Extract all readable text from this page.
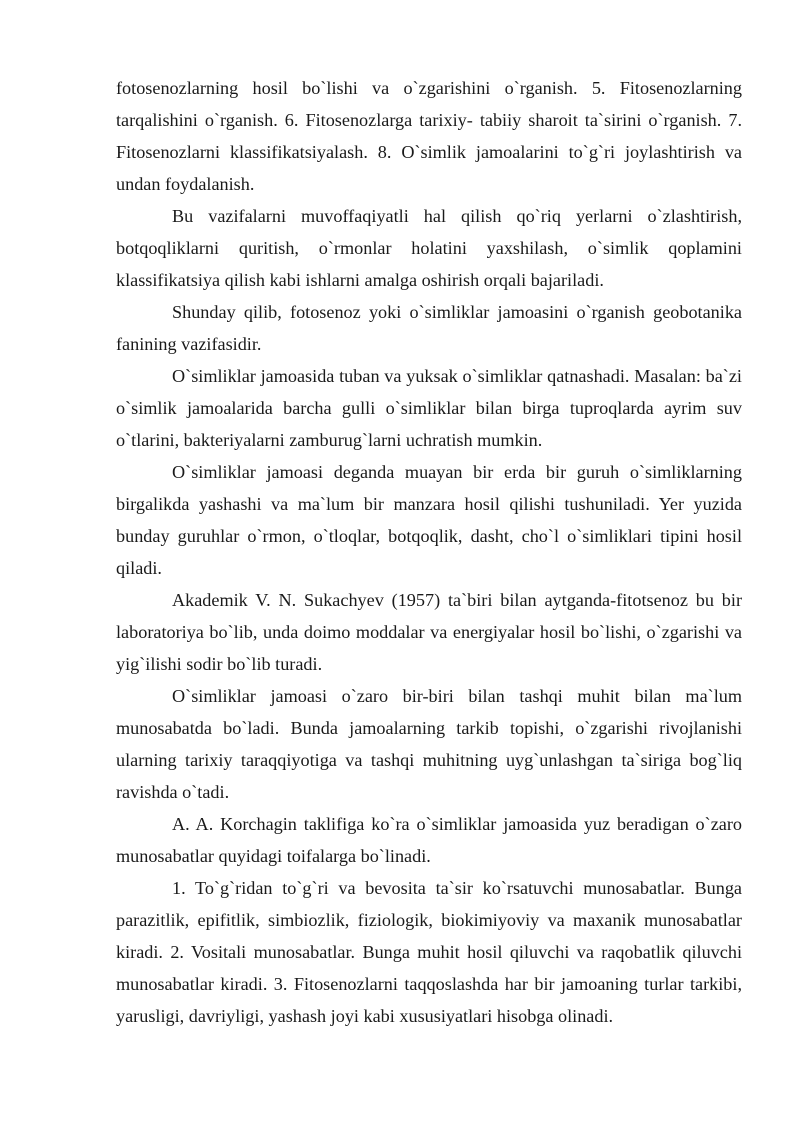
fotosenozlarning hosil bo`lishi va o`zgarishini o`rganish. 5. Fitosenozlarning tarqalishini o`rganish. 6. Fitosenozlarga tarixiy- tabiiy sharoit ta`sirini o`rganish. 7. Fitosenozlarni klassifikatsiyalash. 8. O`simlik jamoalarini to`g`ri joylashtirish va undan foydalanish.

Bu vazifalarni muvoffaqiyatli hal qilish qo`riq yerlarni o`zlashtirish, botqoqliklarni quritish, o`rmonlar holatini yaxshilash, o`simlik qoplamini klassifikatsiya qilish kabi ishlarni amalga oshirish orqali bajariladi.

Shunday qilib, fotosenoz yoki o`simliklar jamoasini o`rganish geobotanika fanining vazifasidir.

O`simliklar jamoasida tuban va yuksak o`simliklar qatnashadi. Masalan: ba`zi o`simlik jamoalarida barcha gulli o`simliklar bilan birga tuproqlarda ayrim suv o`tlarini, bakteriyalarni zamburug`larni uchratish mumkin.

O`simliklar jamoasi deganda muayan bir erda bir guruh o`simliklarning birgalikda yashashi va ma`lum bir manzara hosil qilishi tushuniladi. Yer yuzida bunday guruhlar o`rmon, o`tloqlar, botqoqlik, dasht, cho`l o`simliklari tipini hosil qiladi.

Akademik V. N. Sukachyev (1957) ta`biri bilan aytganda-fitotsenoz bu bir laboratoriya bo`lib, unda doimo moddalar va energiyalar hosil bo`lishi, o`zgarishi va yig`ilishi sodir bo`lib turadi.

O`simliklar jamoasi o`zaro bir-biri bilan tashqi muhit bilan ma`lum munosabatda bo`ladi. Bunda jamoalarning tarkib topishi, o`zgarishi rivojlanishi ularning tarixiy taraqqiyotiga va tashqi muhitning uyg`unlashgan ta`siriga bog`liq ravishda o`tadi.

A. A. Korchagin taklifiga ko`ra o`simliklar jamoasida yuz beradigan o`zaro munosabatlar quyidagi toifalarga bo`linadi.

1. To`g`ridan to`g`ri va bevosita ta`sir ko`rsatuvchi munosabatlar. Bunga parazitlik, epifitlik, simbiozlik, fiziologik, biokimiyoviy va maxanik munosabatlar kiradi. 2. Vositali munosabatlar. Bunga muhit hosil qiluvchi va raqobatlik qiluvchi munosabatlar kiradi. 3. Fitosenozlarni taqqoslashda har bir jamoaning turlar tarkibi, yarusligi, davriyligi, yashash joyi kabi xususiyatlari hisobga olinadi.
